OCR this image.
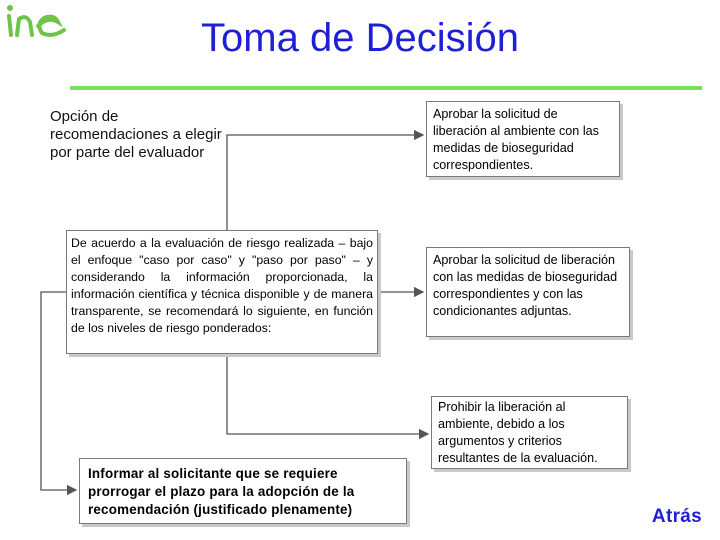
Toma de Decisión
Opción de recomendaciones a elegir por parte del evaluador
De acuerdo a la evaluación de riesgo realizada – bajo el enfoque "caso por caso" y "paso por paso" – y considerando la información proporcionada, la información científica y técnica disponible y de manera transparente, se recomendará lo siguiente, en función de los niveles de riesgo ponderados:
Aprobar la solicitud de liberación al ambiente con las medidas de bioseguridad correspondientes.
Aprobar la solicitud de liberación con las medidas de bioseguridad correspondientes y con las condicionantes adjuntas.
Prohibir la liberación al ambiente, debido a los argumentos y criterios resultantes de la evaluación.
Informar al solicitante que se requiere prorrogar el plazo para la adopción de la recomendación (justificado plenamente)	Atrás
